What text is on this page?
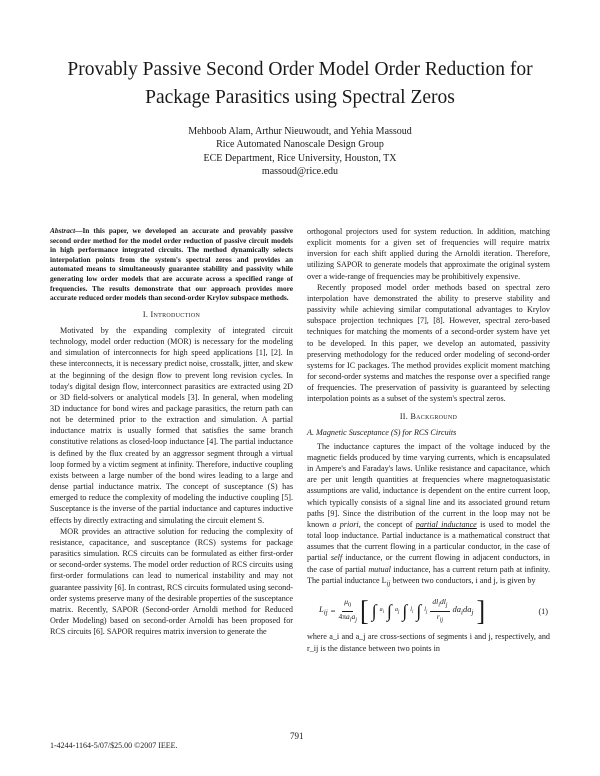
Provably Passive Second Order Model Order Reduction for Package Parasitics using Spectral Zeros
Mehboob Alam, Arthur Nieuwoudt, and Yehia Massoud
Rice Automated Nanoscale Design Group
ECE Department, Rice University, Houston, TX
massoud@rice.edu
Abstract—In this paper, we developed an accurate and provably passive second order method for the model order reduction of passive circuit models in high performance integrated circuits. The method dynamically selects interpolation points from the system's spectral zeros and provides an automated means to simultaneously guarantee stability and passivity while generating low order models that are accurate across a specified range of frequencies. The results demonstrate that our approach provides more accurate reduced order models than second-order Krylov subspace methods.
I. Introduction

Motivated by the expanding complexity of integrated circuit technology, model order reduction (MOR) is necessary for the modeling and simulation of interconnects for high speed applications [1], [2]. In these interconnects, it is necessary predict noise, crosstalk, jitter, and skew at the beginning of the design flow to prevent long revision cycles. In today's digital design flow, interconnect parasitics are extracted using 2D or 3D field-solvers or analytical models [3]. In general, when modeling 3D inductance for bond wires and package parasitics, the return path can not be determined prior to the extraction and simulation. A partial inductance matrix is usually formed that satisfies the same branch constitutive relations as closed-loop inductance [4]. The partial inductance is defined by the flux created by an aggressor segment through a virtual loop formed by a victim segment at infinity. Therefore, inductive coupling exists between a large number of the bond wires leading to a large and dense partial inductance matrix. The concept of susceptance (S) has emerged to reduce the complexity of modeling the inductive coupling [5]. Susceptance is the inverse of the partial inductance and captures inductive effects by directly extracting and simulating the circuit element S.

MOR provides an attractive solution for reducing the complexity of resistance, capacitance, and susceptance (RCS) systems for package parasitics simulation. RCS circuits can be formulated as either first-order or second-order systems. The model order reduction of RCS circuits using first-order formulations can lead to numerical instability and may not guarantee passivity [6]. In contrast, RCS circuits formulated using second-order systems preserve many of the desirable properties of the susceptance matrix. Recently, SAPOR (Second-order Arnoldi method for Reduced Order Modeling) based on second-order Arnoldi has been proposed for RCS circuits [6]. SAPOR requires matrix inversion to generate the

orthogonal projectors used for system reduction. In addition, matching explicit moments for a given set of frequencies will require matrix inversion for each shift applied during the Arnoldi iteration. Therefore, utilizing SAPOR to generate models that approximate the original system over a wide-range of frequencies may be prohibitively expensive.

Recently proposed model order methods based on spectral zero interpolation have demonstrated the ability to preserve stability and passivity while achieving similar computational advantages to Krylov subspace projection techniques [7], [8]. However, spectral zero-based techniques for matching the moments of a second-order system have yet to be developed. In this paper, we develop an automated, passivity preserving methodology for the reduced order modeling of second-order systems for IC packages. The method provides explicit moment matching for second-order systems and matches the response over a specified range of frequencies. The preservation of passivity is guaranteed by selecting interpolation points as a subset of the system's spectral zeros.

II. Background
A. Magnetic Susceptance (S) for RCS Circuits

The inductance captures the impact of the voltage induced by the magnetic fields produced by time varying currents, which is encapsulated in Ampere's and Faraday's laws. Unlike resistance and capacitance, which are per unit length quantities at frequencies where magnetoquasistatic assumptions are valid, inductance is dependent on the entire current loop, which typically consists of a signal line and its associated ground return paths [9]. Since the distribution of the current in the loop may not be known a priori, the concept of partial inductance is used to model the total loop inductance. Partial inductance is a mathematical construct that assumes that the current flowing in a particular conductor, in the case of partial self inductance, or the current flowing in adjacent conductors, in the case of partial mutual inductance, has a current return path at infinity. The partial inductance $L_{ij}$ between two conductors, i and j, is given by

$L_{ij} = \frac{\mu_0}{4\pi a_ia_j}$ [ ∫ $a_i$ ∫ $a_j$ ∫ $l_i$ ∫ $l_j \frac{dl_idl_j}{r_{ij}} da_ida_j$ ]	(1)

where a_i and a_j are cross-sections of segments i and j, respectively, and r_ij is the distance between two points in

791
1-4244-1164-5/07/$25.00 ©2007 IEEE.
